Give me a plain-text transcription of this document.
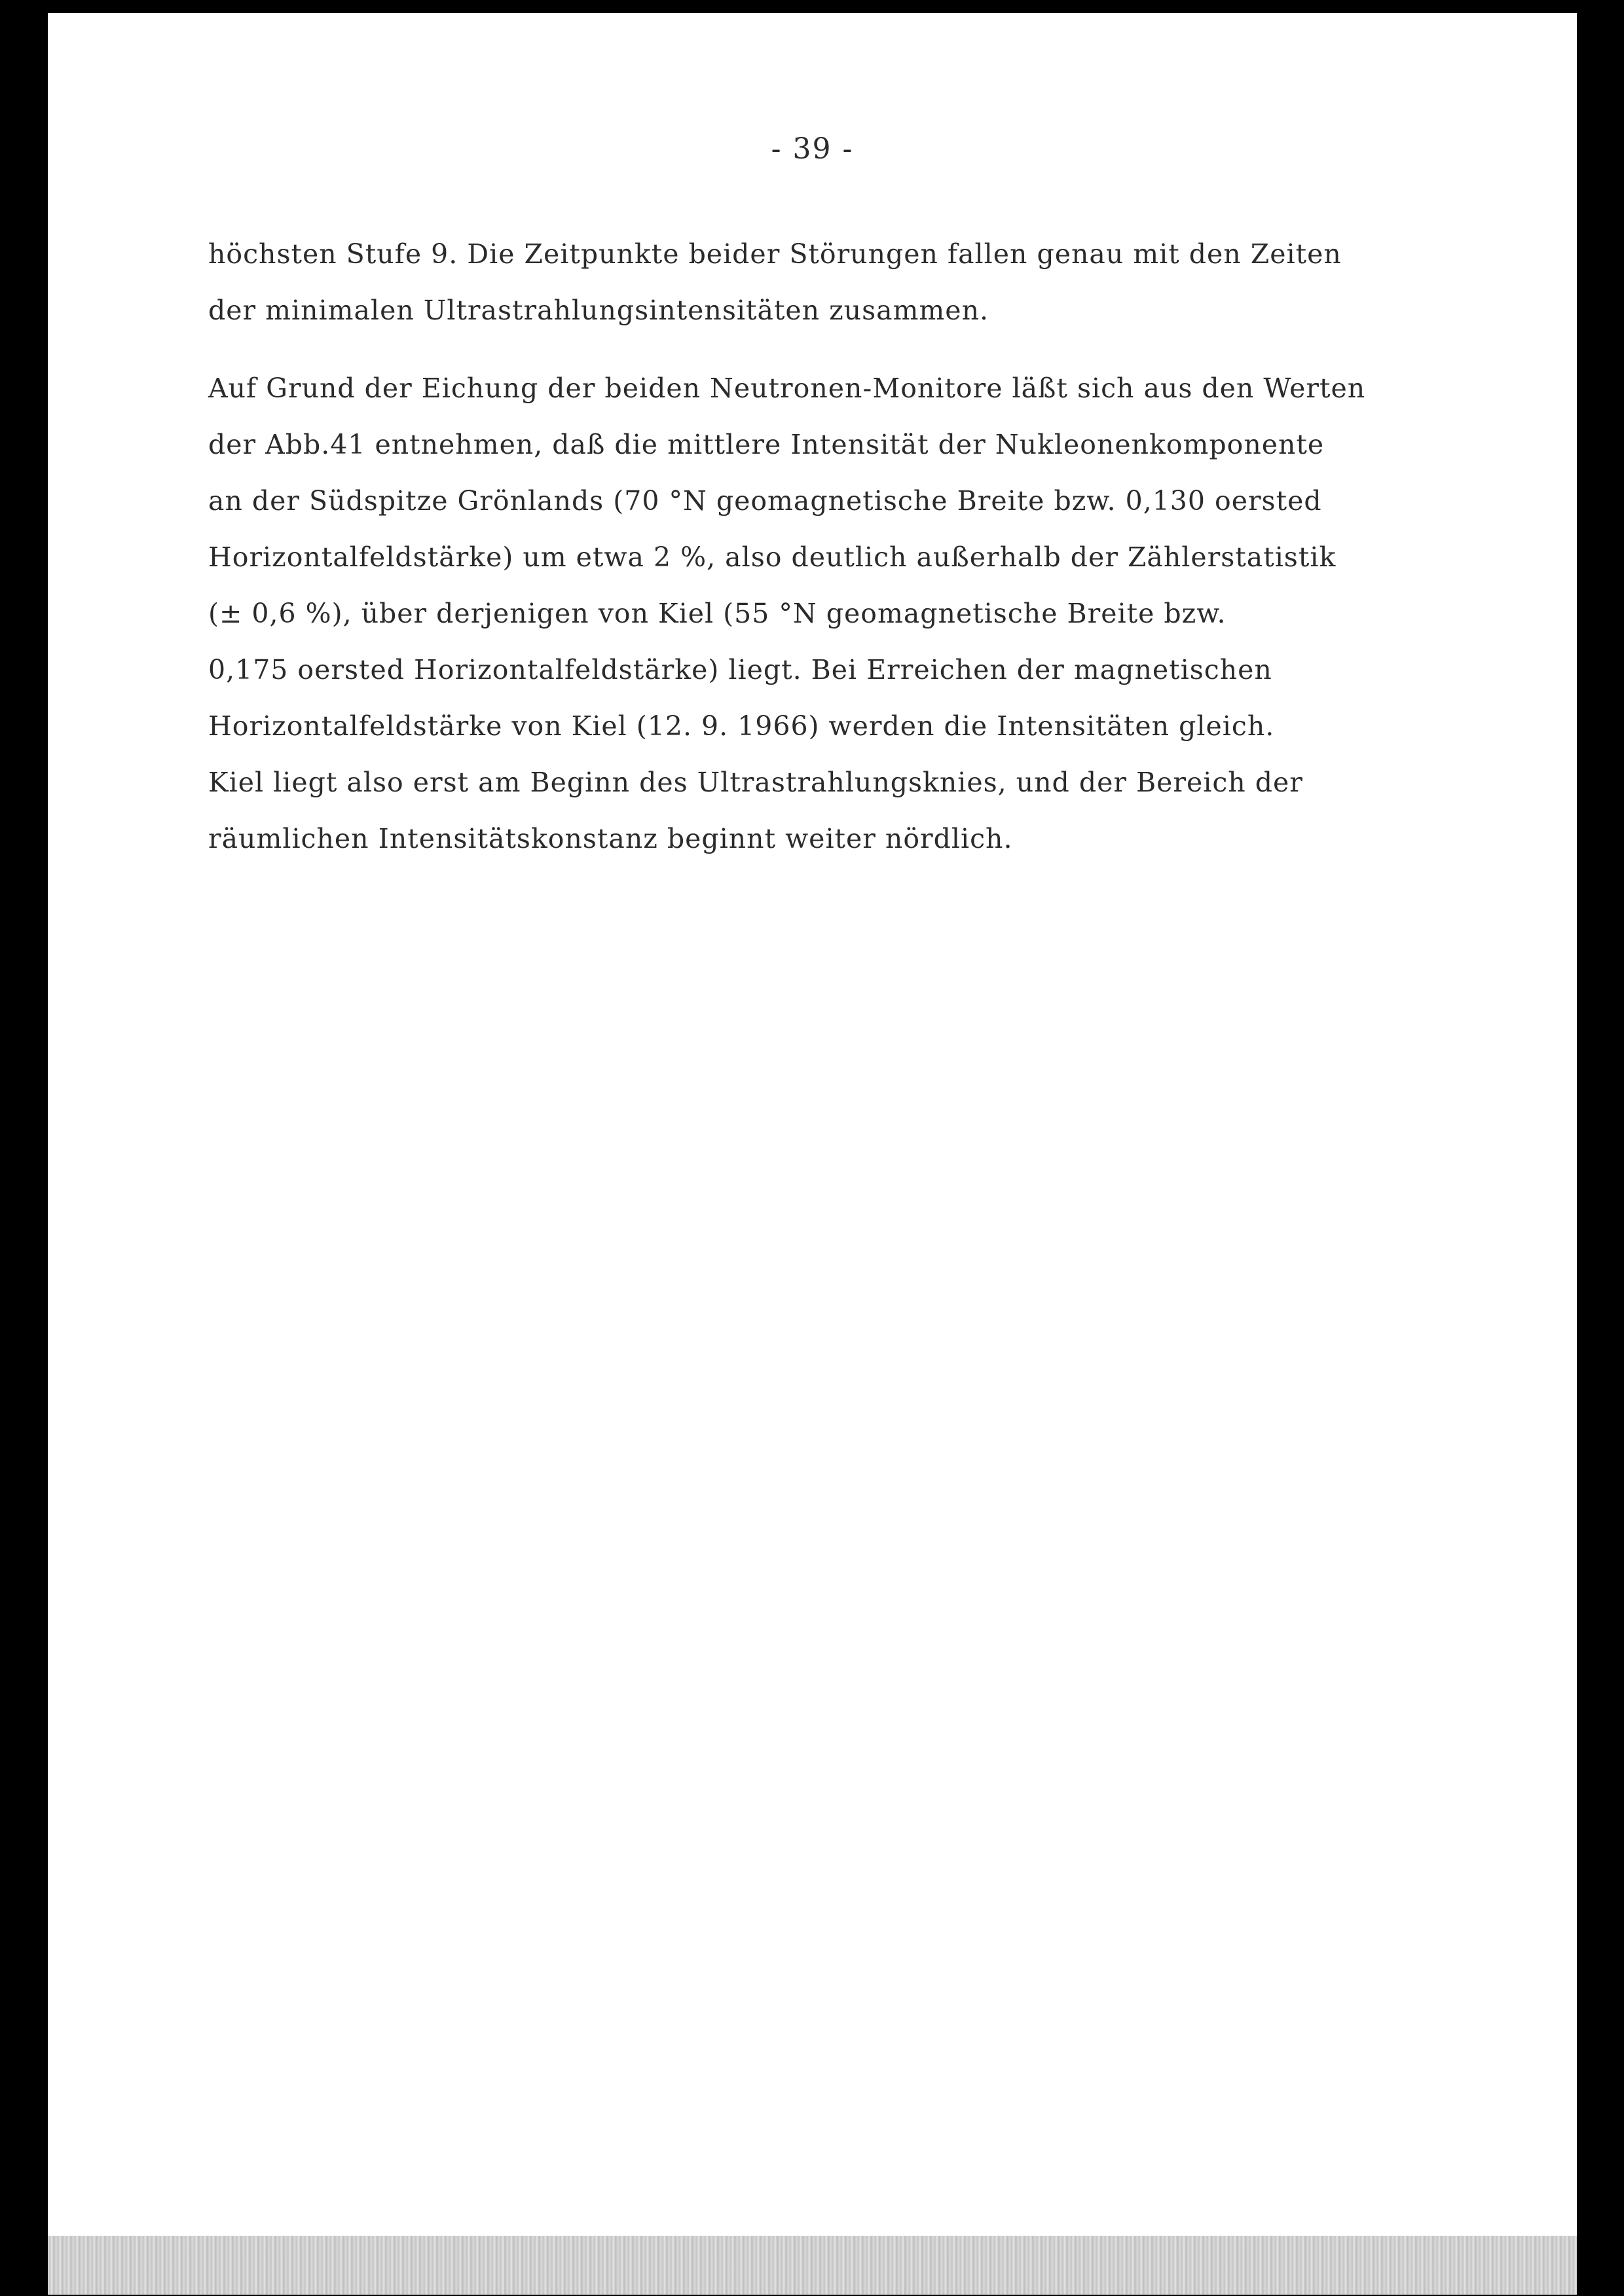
- 39 -
höchsten Stufe 9. Die Zeitpunkte beider Störungen fallen genau mit den Zeiten
der minimalen Ultrastrahlungsintensitäten zusammen.
Auf Grund der Eichung der beiden Neutronen-Monitore läßt sich aus den Werten
der Abb.41 entnehmen, daß die mittlere Intensität der Nukleonenkomponente
an der Südspitze Grönlands (70 °N geomagnetische Breite bzw. 0,130 oersted
Horizontalfeldstärke) um etwa 2 %, also deutlich außerhalb der Zählerstatistik
(± 0,6 %), über derjenigen von Kiel (55 °N geomagnetische Breite bzw.
0,175 oersted Horizontalfeldstärke) liegt. Bei Erreichen der magnetischen
Horizontalfeldstärke von Kiel (12. 9. 1966) werden die Intensitäten gleich.
Kiel liegt also erst am Beginn des Ultrastrahlungsknies, und der Bereich der
räumlichen Intensitätskonstanz beginnt weiter nördlich.
